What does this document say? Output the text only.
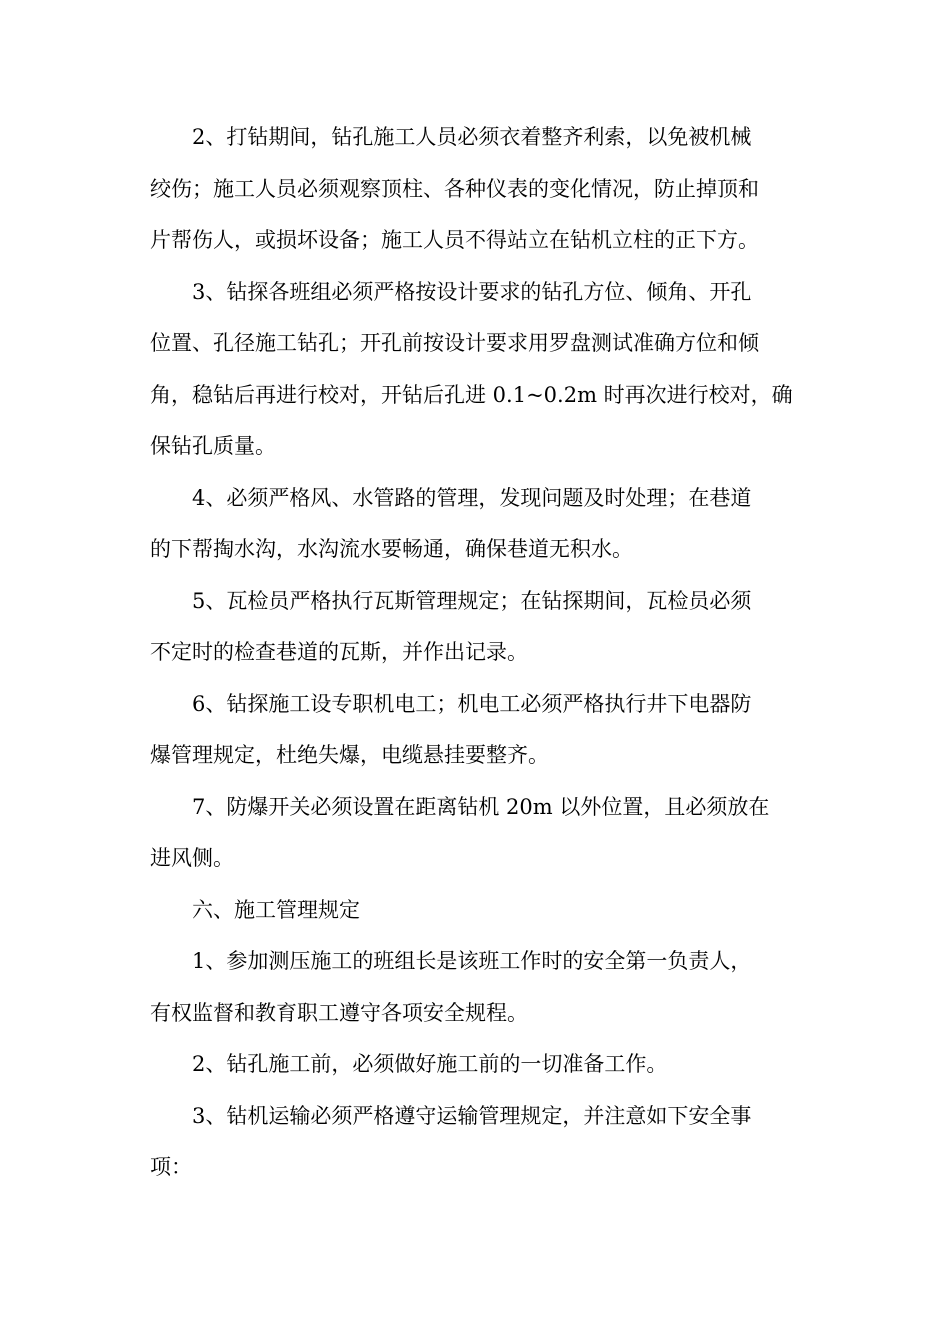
2、打钻期间，钻孔施工人员必须衣着整齐利索，以免被机械
绞伤；施工人员必须观察顶柱、各种仪表的变化情况，防止掉顶和
片帮伤人，或损坏设备；施工人员不得站立在钻机立柱的正下方。
3、钻探各班组必须严格按设计要求的钻孔方位、倾角、开孔
位置、孔径施工钻孔；开孔前按设计要求用罗盘测试准确方位和倾
角，稳钻后再进行校对，开钻后孔进 0.1~0.2m 时再次进行校对，确
保钻孔质量。
4、必须严格风、水管路的管理，发现问题及时处理；在巷道
的下帮掏水沟，水沟流水要畅通，确保巷道无积水。
5、瓦检员严格执行瓦斯管理规定；在钻探期间，瓦检员必须
不定时的检查巷道的瓦斯，并作出记录。
6、钻探施工设专职机电工；机电工必须严格执行井下电器防
爆管理规定，杜绝失爆，电缆悬挂要整齐。
7、防爆开关必须设置在距离钻机 20m 以外位置，且必须放在
进风侧。
六、施工管理规定
1、参加测压施工的班组长是该班工作时的安全第一负责人，
有权监督和教育职工遵守各项安全规程。
2、钻孔施工前，必须做好施工前的一切准备工作。
3、钻机运输必须严格遵守运输管理规定，并注意如下安全事
项：
